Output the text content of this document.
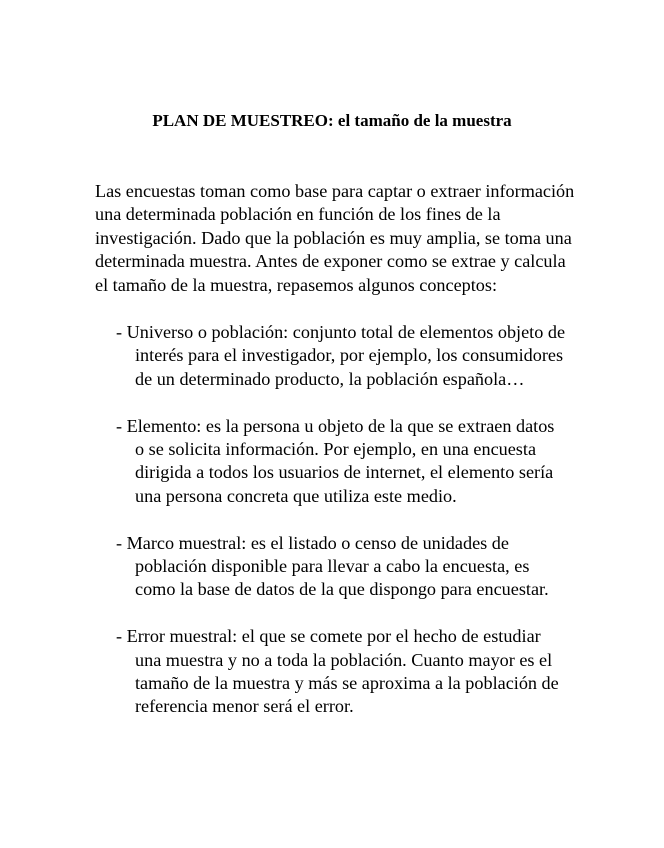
PLAN DE MUESTREO: el tamaño de la muestra

Las encuestas toman como base para captar o extraer información una determinada población en función de los fines de la investigación. Dado que la población es muy amplia, se toma una determinada muestra. Antes de exponer como se extrae y calcula el tamaño de la muestra, repasemos algunos conceptos:

- Universo o población: conjunto total de elementos objeto de interés para el investigador, por ejemplo, los consumidores de un determinado producto, la población española…
- Elemento: es la persona u objeto de la que se extraen datos o se solicita información. Por ejemplo, en una encuesta dirigida a todos los usuarios de internet, el elemento sería una persona concreta que utiliza este medio.
- Marco muestral: es el listado o censo de unidades de población disponible para llevar a cabo la encuesta, es como la base de datos de la que dispongo para encuestar.
- Error muestral: el que se comete por el hecho de estudiar una muestra y no a toda la población. Cuanto mayor es el tamaño de la muestra y más se aproxima a la población de referencia menor será el error.
